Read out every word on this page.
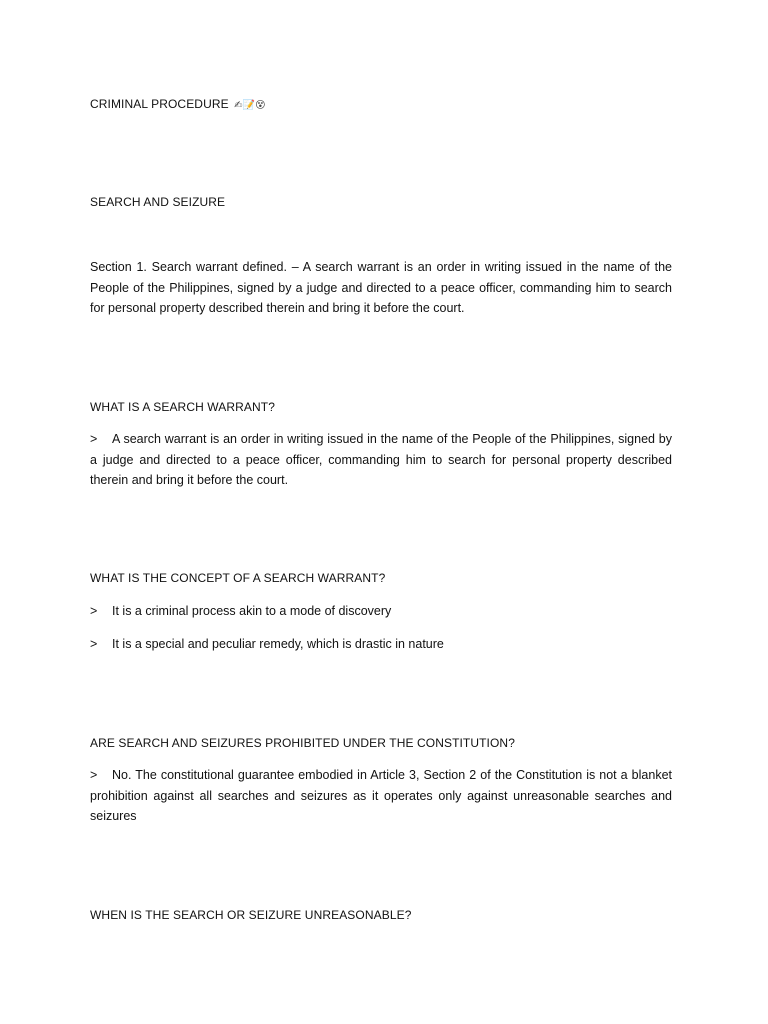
CRIMINAL PROCEDURE ✍📝😵
SEARCH AND SEIZURE
Section 1. Search warrant defined. – A search warrant is an order in writing issued in the name of the People of the Philippines, signed by a judge and directed to a peace officer, commanding him to search for personal property described therein and bring it before the court.
WHAT IS A SEARCH WARRANT?
> A search warrant is an order in writing issued in the name of the People of the Philippines, signed by a judge and directed to a peace officer, commanding him to search for personal property described therein and bring it before the court.
WHAT IS THE CONCEPT OF A SEARCH WARRANT?
> It is a criminal process akin to a mode of discovery
> It is a special and peculiar remedy, which is drastic in nature
ARE SEARCH AND SEIZURES PROHIBITED UNDER THE CONSTITUTION?
> No. The constitutional guarantee embodied in Article 3, Section 2 of the Constitution is not a blanket prohibition against all searches and seizures as it operates only against unreasonable searches and seizures
WHEN IS THE SEARCH OR SEIZURE UNREASONABLE?
